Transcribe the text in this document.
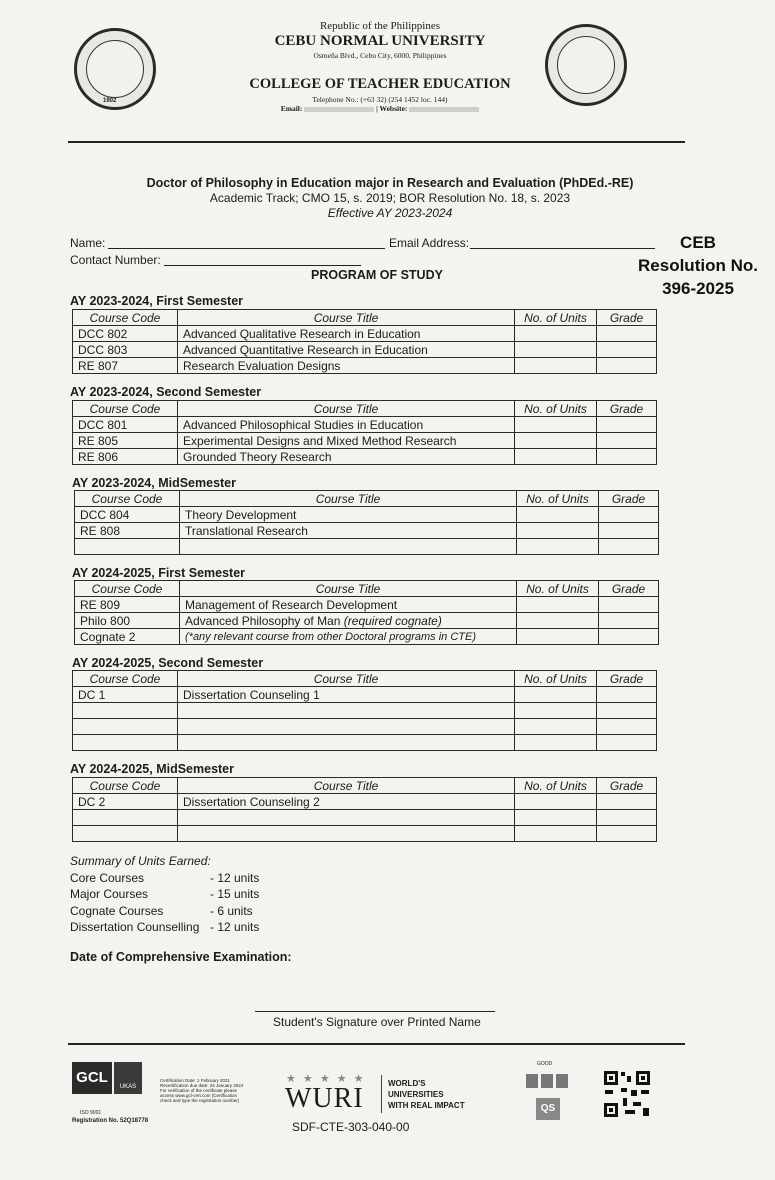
1902
Republic of the Philippines
CEBU NORMAL UNIVERSITY
Osmeña Blvd., Cebu City, 6000, Philippines
COLLEGE OF TEACHER EDUCATION
Telephone No.: (+63 32) (254 1452 loc. 144)
Email:	| Website:
Doctor of Philosophy in Education major in Research and Evaluation (PhDEd.-RE)
Academic Track; CMO 15, s. 2019; BOR Resolution No. 18, s. 2023
Effective AY 2023-2024
CEB
Resolution No.
396-2025
Name:	Email Address:
Contact Number:
PROGRAM OF STUDY
AY 2023-2024, First Semester
Course Code	Course Title	No. of Units	Grade
DCC 802	Advanced Qualitative Research in Education		
DCC 803	Advanced Quantitative Research in Education		
RE 807	Research Evaluation Designs		
AY 2023-2024, Second Semester
Course Code	Course Title	No. of Units	Grade
DCC 801	Advanced Philosophical Studies in Education		
RE 805	Experimental Designs and Mixed Method Research		
RE 806	Grounded Theory Research		
AY 2023-2024, MidSemester
Course Code	Course Title	No. of Units	Grade
DCC 804	Theory Development		
RE 808	Translational Research		

AY 2024-2025, First Semester
Course Code	Course Title	No. of Units	Grade
RE 809	Management of Research Development		
Philo 800	Advanced Philosophy of Man (required cognate)		
Cognate 2	(*any relevant course from other Doctoral programs in CTE)		
AY 2024-2025, Second Semester
Course Code	Course Title	No. of Units	Grade
DC 1	Dissertation Counseling 1		

AY 2024-2025, MidSemester
Course Code	Course Title	No. of Units	Grade
DC 2	Dissertation Counseling 2		

Summary of Units Earned:
Core Courses	- 12 units
Major Courses	- 15 units
Cognate Courses	- 6 units
Dissertation Counselling - 12 units
Date of Comprehensive Examination:
Student's Signature over Printed Name
GCL
UKAS
ISO 9001
Registration No. 52Q18778
Certification Date: 1 February 2021
Recertification due date: 24 January 2024
For verification of the certificate please
access www.gcl-cert.com (Certification
check and type the registration number)
★ ★ ★ ★ ★
WURI	WORLD'S
UNIVERSITIES
WITH REAL IMPACT
SDF-CTE-303-040-00
GOOD
QS
